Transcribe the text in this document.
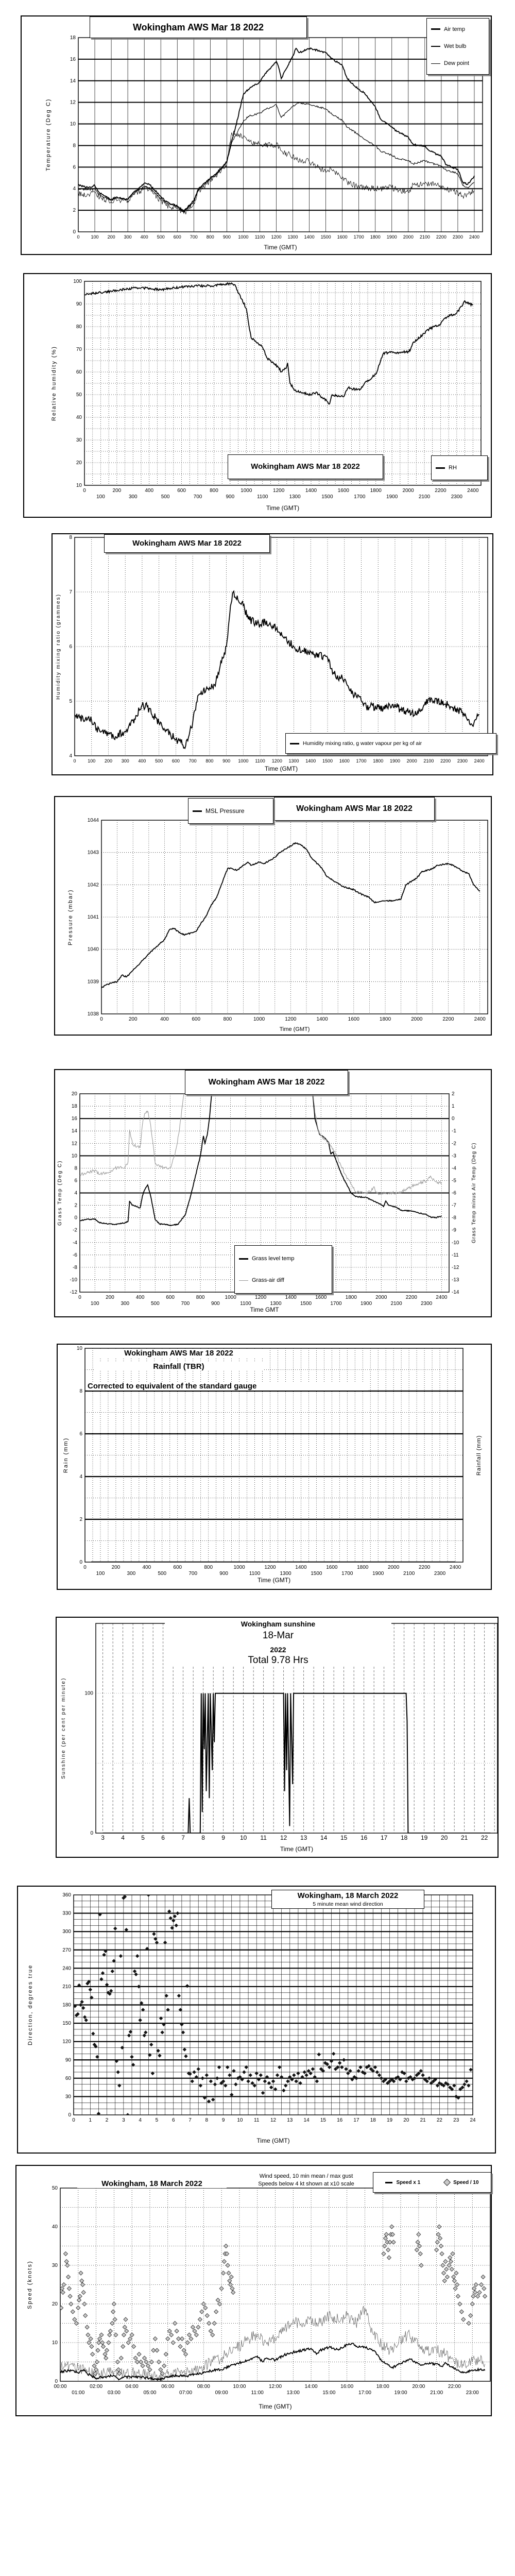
0 100 200 300 400 500 600 700 800 900 1000 1100 1200 1300 1400 1500 1600 1700 1800 1900 2000 2100 2200 2300 2400
0
2
4
6
8
10
12
14
16
18
Wokingham AWS Mar 18 2022	Air temp
Wet bulb
Dew point
Temperature (Deg C)
Time (GMT)
0
100
200
300
400
500
600
700
800
900
1000
1100
1200
1300
1400
1500
1600
1700
1800
1900
2000
2100
2200
2300
2400
10
20
30
40
50
60
70
80
90
100
Wokingham AWS Mar 18 2022	RH
Relative humidity (%)
Time (GMT)
0	100 200 300 400 500 600 700 800 900 1000 1100 1200 1300 1400 1500 1600 1700 1800 1900 2000 2100 2200 2300 2400
4
5
6
7
8
Wokingham AWS Mar 18 2022
Humidity mixing ratio, g water vapour per kg of air
Humidity mixing ratio (grammes)
Time (GMT)
0	200	400	600	800	1000	1200	1400	1600	1800	2000	2200	2400
1038
1039
1040
1041
1042
1043
1044
MSL Pressure	Wokingham AWS Mar 18 2022
Pressure (mbar)
Time (GMT)
0
100
200
300
400
500
600
700
800
900
1000
1100
1200
1300
1400
1500
1600
1700
1800
1900
2000
2100
2200
2300
2400
-12
-10
-8
-6
-4
-2
0
2
4
6
8
10
12
14
16
18
20
-14
-13
-12
-11
-10
-9
-8
-7
-6
-5
-4
-3
-2
-1
0
1
2
Wokingham AWS Mar 18 2022
Grass level temp
Grass-air diff
Grass Temp (Deg C)	Grass Temp minus Air Temp (Deg C)
Time GMT
0
100
200
300
400
500
600
700
800
900
1000
1100
1200
1300
1400
1500
1600
1700
1800
1900
2000
2100
2200
2300
2400
0
2
4
6
8
10
Wokingham AWS Mar 18 2022
Rainfall (TBR)
Corrected to equivalent of the standard gauge
Rain (mm)	Rainfall (mm)
Time (GMT)
3	4	5	6	7	8	9 10 11 12 13 14 15 16 17 18 19 20 21 22
0
100
Wokingham sunshine
18-Mar
2022
Total 9.78 Hrs
Sunshine (per cent per minute)
Time (GMT)
0	1	2	3	4	5	6	7	8	9 10 11 12 13 14 15 16 17 18 19 20 21 22 23 24
0
30
60
90
120
150
180
210
240
270
300
330
360	Wokingham, 18 March 2022
5 minute mean wind direction
Direction, degrees true
Time (GMT)
00:00
01:00
02:00
03:00
04:00
05:00
06:00
07:00
08:00
09:00
10:00
11:00
12:00
13:00
14:00
15:00
16:00
17:00
18:00
19:00
20:00
21:00
22:00
23:00
0
10
20
30
40
50
Wokingham, 18 March 2022
Wind speed, 10 min mean / max gust
Speeds below 4 kt shown at x10 scale	Speed x 1	Speed / 10
Speed (knots)
Time (GMT)
